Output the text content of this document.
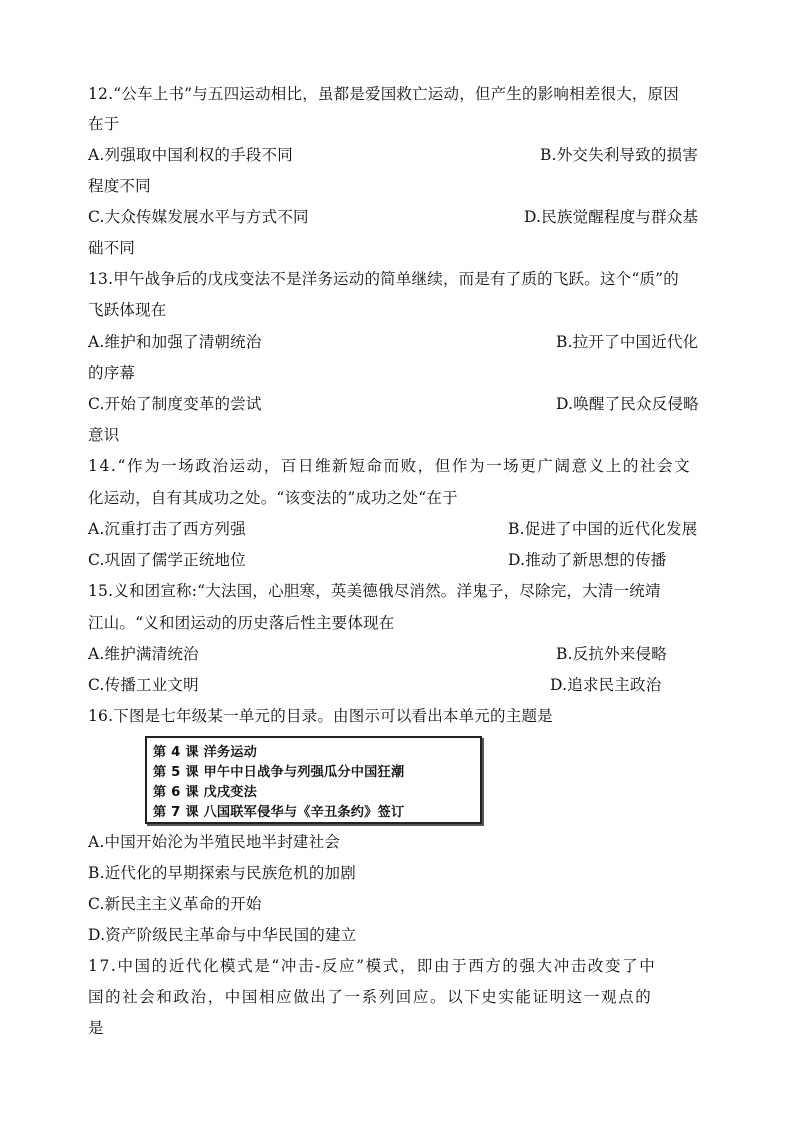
12.“公车上书”与五四运动相比，虽都是爱国救亡运动，但产生的影响相差很大，原因
在于
A.列强取中国利权的手段不同	B.外交失利导致的损害
程度不同
C.大众传媒发展水平与方式不同	D.民族觉醒程度与群众基
础不同
13.甲午战争后的戊戌变法不是洋务运动的简单继续，而是有了质的飞跃。这个“质”的
飞跃体现在
A.维护和加强了清朝统治	B.拉开了中国近代化
的序幕
C.开始了制度变革的尝试	D.唤醒了民众反侵略
意识
14.“作为一场政治运动，百日维新短命而败，但作为一场更广阔意义上的社会文
化运动，自有其成功之处。“该变法的”成功之处“在于
A.沉重打击了西方列强	B.促进了中国的近代化发展
C.巩固了儒学正统地位	D.推动了新思想的传播
15.义和团宣称:“大法国，心胆寒，英美德俄尽消然。洋鬼子，尽除完，大清一统靖
江山。“义和团运动的历史落后性主要体现在
A.维护满清统治	B.反抗外来侵略
C.传播工业文明	D.追求民主政治
16.下图是七年级某一单元的目录。由图示可以看出本单元的主题是
第 4 课 洋务运动
第 5 课 甲午中日战争与列强瓜分中国狂潮
第 6 课 戊戌变法
第 7 课 八国联军侵华与《辛丑条约》签订
A.中国开始沦为半殖民地半封建社会
B.近代化的早期探索与民族危机的加剧
C.新民主主义革命的开始
D.资产阶级民主革命与中华民国的建立
17.中国的近代化模式是“冲击-反应”模式，即由于西方的强大冲击改变了中
国的社会和政治，中国相应做出了一系列回应。以下史实能证明这一观点的
是
